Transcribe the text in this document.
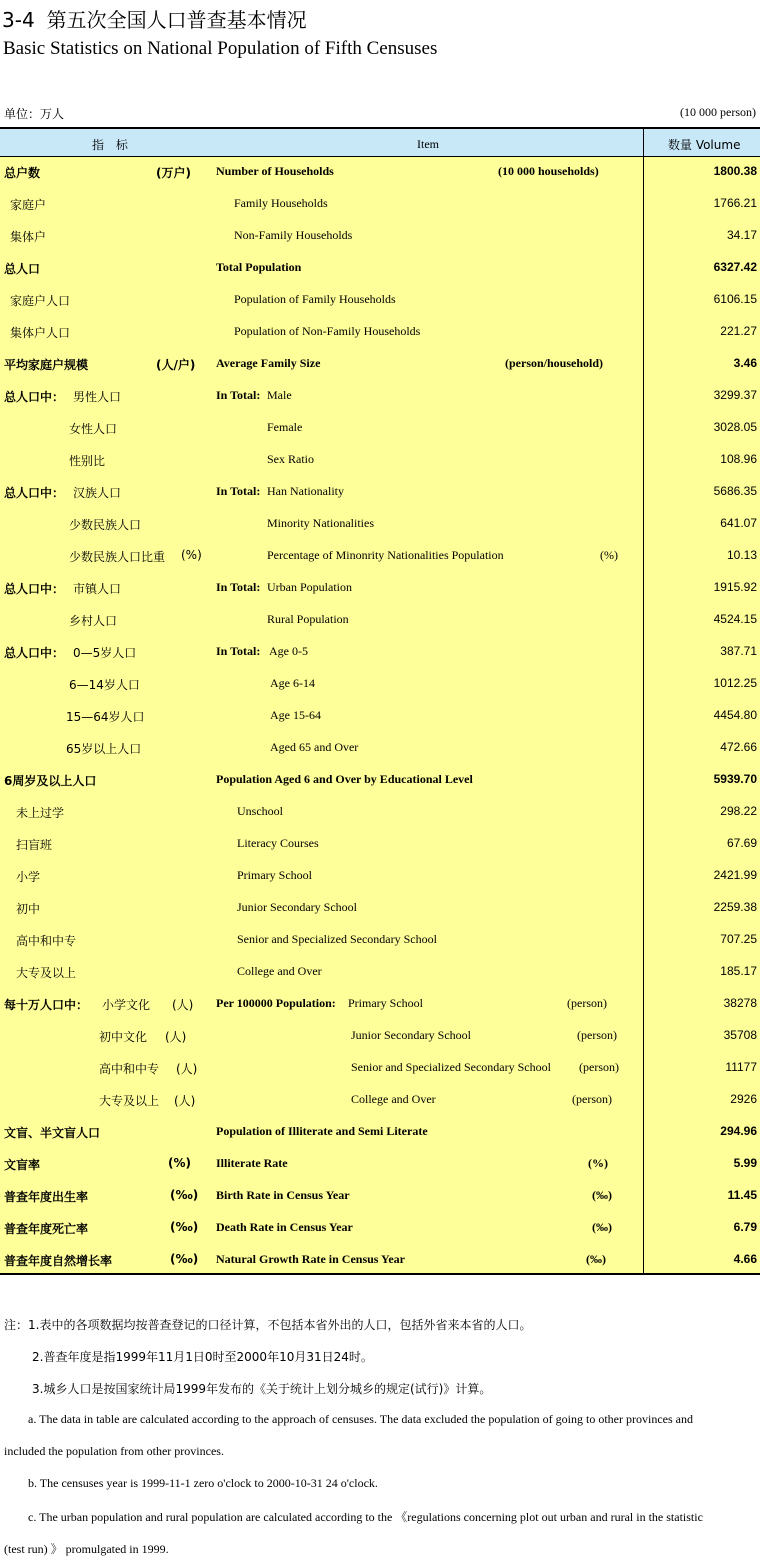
3-4 第五次全国人口普查基本情况
Basic Statistics on National Population of Fifth Censuses
单位：万人	(10 000 person)
指 标	Item	数量 Volume
总户数	(万户) Number of Households	(10 000 households)	1800.38
家庭户	Family Households	1766.21
集体户	Non-Family Households	34.17
总人口	Total Population	6327.42
家庭户人口	Population of Family Households	6106.15
集体户人口	Population of Non-Family Households	221.27
平均家庭户规模	(人/户) Average Family Size	(person/household)	3.46
总人口中： 男性人口	In Total: Male	3299.37
女性人口	Female	3028.05
性别比	Sex Ratio	108.96
总人口中： 汉族人口	In Total: Han Nationality	5686.35
少数民族人口	Minority Nationalities	641.07
少数民族人口比重 (%)	Percentage of Minonrity Nationalities Population	(%)	10.13
总人口中： 市镇人口	In Total: Urban Population	1915.92
乡村人口	Rural Population	4524.15
总人口中： 0—5岁人口	In Total: Age 0-5	387.71
6—14岁人口	Age 6-14	1012.25
15—64岁人口	Age 15-64	4454.80
65岁以上人口	Aged 65 and Over	472.66
6周岁及以上人口	Population Aged 6 and Over by Educational Level	5939.70
未上过学	Unschool	298.22
扫盲班	Literacy Courses	67.69
小学	Primary School	2421.99
初中	Junior Secondary School	2259.38
高中和中专	Senior and Specialized Secondary School	707.25
大专及以上	College and Over	185.17
每十万人口中： 小学文化 (人) Per 100000 Population: Primary School	(person)	38278
初中文化 (人)	Junior Secondary School	(person)	35708
高中和中专 (人)	Senior and Specialized Secondary School (person)	11177
大专及以上 (人)	College and Over	(person)	2926
文盲、半文盲人口	Population of Illiterate and Semi Literate	294.96
文盲率	(%) Illiterate Rate	(%)	5.99
普查年度出生率	(‰) Birth Rate in Census Year	(‰)	11.45
普查年度死亡率	(‰) Death Rate in Census Year	(‰)	6.79
普查年度自然增长率	(‰) Natural Growth Rate in Census Year	(‰)	4.66
注：1.表中的各项数据均按普查登记的口径计算，不包括本省外出的人口，包括外省来本省的人口。
2.普查年度是指1999年11月1日0时至2000年10月31日24时。
3.城乡人口是按国家统计局1999年发布的《关于统计上划分城乡的规定(试行)》计算。
a. The data in table are calculated according to the approach of censuses. The data excluded the population of going to other provinces and
included the population from other provinces.
b. The censuses year is 1999-11-1 zero o'clock to 2000-10-31 24 o'clock.
c. The urban population and rural population are calculated according to the 《regulations concerning plot out urban and rural in the statistic
(test run) 》 promulgated in 1999.
